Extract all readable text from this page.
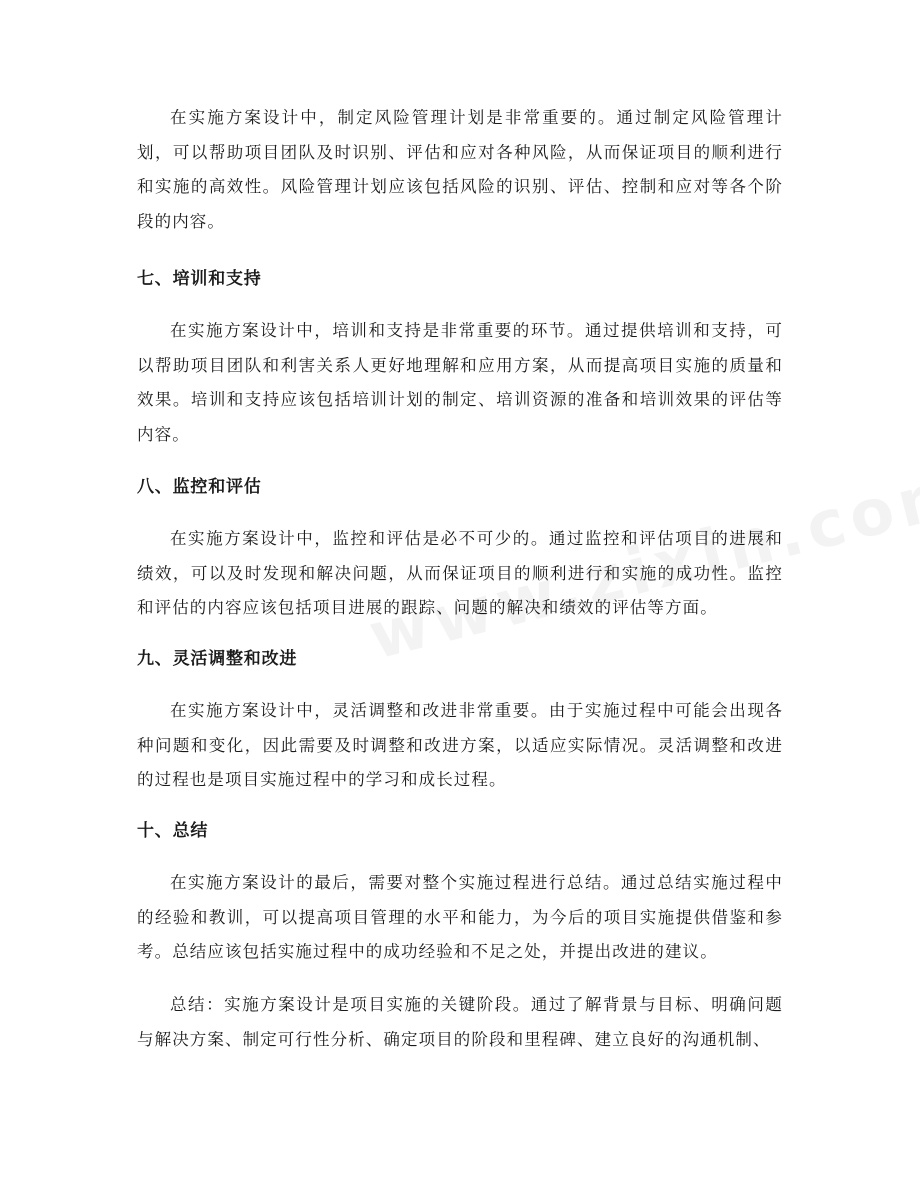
在实施方案设计中，制定风险管理计划是非常重要的。通过制定风险管理计划，可以帮助项目团队及时识别、评估和应对各种风险，从而保证项目的顺利进行和实施的高效性。风险管理计划应该包括风险的识别、评估、控制和应对等各个阶段的内容。

七、培训和支持

在实施方案设计中，培训和支持是非常重要的环节。通过提供培训和支持，可以帮助项目团队和利害关系人更好地理解和应用方案，从而提高项目实施的质量和效果。培训和支持应该包括培训计划的制定、培训资源的准备和培训效果的评估等内容。

八、监控和评估

在实施方案设计中，监控和评估是必不可少的。通过监控和评估项目的进展和绩效，可以及时发现和解决问题，从而保证项目的顺利进行和实施的成功性。监控和评估的内容应该包括项目进展的跟踪、问题的解决和绩效的评估等方面。

九、灵活调整和改进

在实施方案设计中，灵活调整和改进非常重要。由于实施过程中可能会出现各种问题和变化，因此需要及时调整和改进方案，以适应实际情况。灵活调整和改进的过程也是项目实施过程中的学习和成长过程。

十、总结

在实施方案设计的最后，需要对整个实施过程进行总结。通过总结实施过程中的经验和教训，可以提高项目管理的水平和能力，为今后的项目实施提供借鉴和参考。总结应该包括实施过程中的成功经验和不足之处，并提出改进的建议。

总结：实施方案设计是项目实施的关键阶段。通过了解背景与目标、明确问题与解决方案、制定可行性分析、确定项目的阶段和里程碑、建立良好的沟通机制、
